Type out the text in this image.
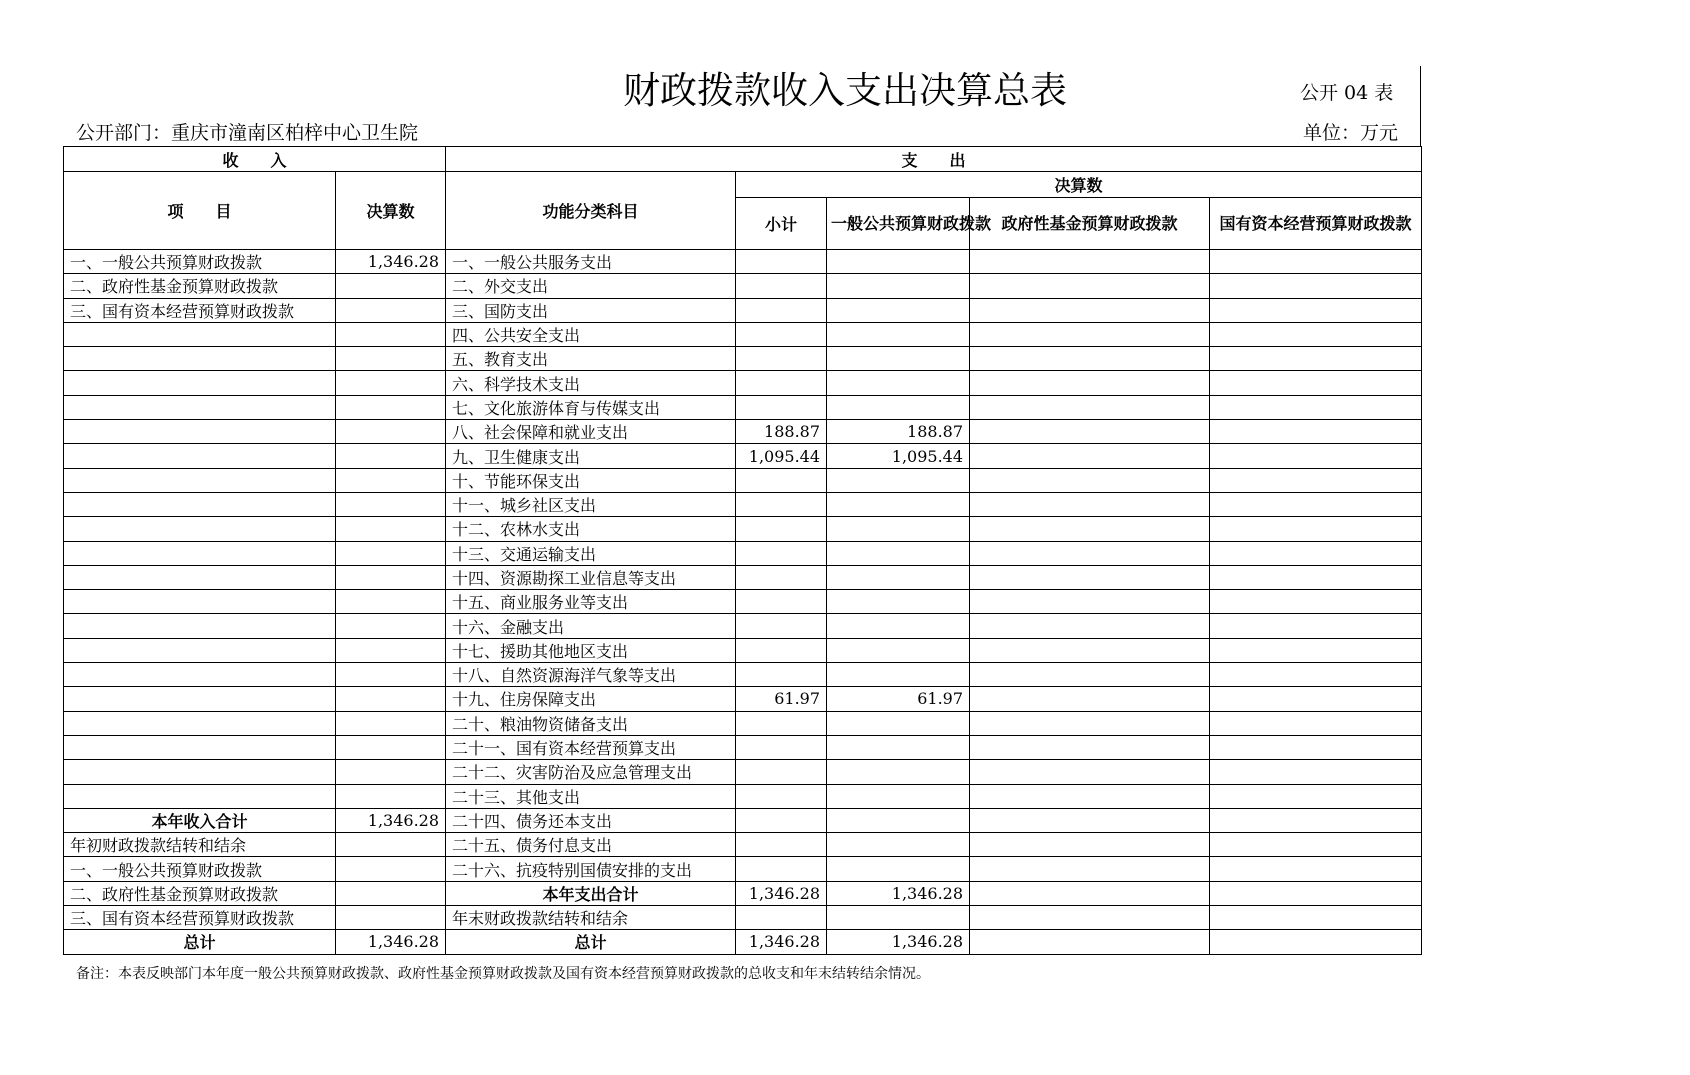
财政拨款收入支出决算总表	公开 04 表
公开部门：重庆市潼南区柏梓中心卫生院	单位：万元
收　　入		支　　出				
项　　目	决算数	功能分类科目	决算数			
			小计	一般公共预算财政拨款	政府性基金预算财政拨款	国有资本经营预算财政拨款
一、一般公共预算财政拨款	1,346.28	一、一般公共服务支出				
二、政府性基金预算财政拨款		二、外交支出				
三、国有资本经营预算财政拨款		三、国防支出				
		四、公共安全支出				
		五、教育支出				
		六、科学技术支出				
		七、文化旅游体育与传媒支出				
		八、社会保障和就业支出	188.87	188.87		
		九、卫生健康支出	1,095.44	1,095.44		
		十、节能环保支出				
		十一、城乡社区支出				
		十二、农林水支出				
		十三、交通运输支出				
		十四、资源勘探工业信息等支出				
		十五、商业服务业等支出				
		十六、金融支出				
		十七、援助其他地区支出				
		十八、自然资源海洋气象等支出				
		十九、住房保障支出	61.97	61.97		
		二十、粮油物资储备支出				
		二十一、国有资本经营预算支出				
		二十二、灾害防治及应急管理支出				
		二十三、其他支出				
本年收入合计	1,346.28	二十四、债务还本支出				
年初财政拨款结转和结余		二十五、债务付息支出				
一、一般公共预算财政拨款		二十六、抗疫特别国债安排的支出				
二、政府性基金预算财政拨款		本年支出合计	1,346.28	1,346.28		
三、国有资本经营预算财政拨款		年末财政拨款结转和结余				
总计	1,346.28	总计	1,346.28	1,346.28		
备注：本表反映部门本年度一般公共预算财政拨款、政府性基金预算财政拨款及国有资本经营预算财政拨款的总收支和年末结转结余情况。
